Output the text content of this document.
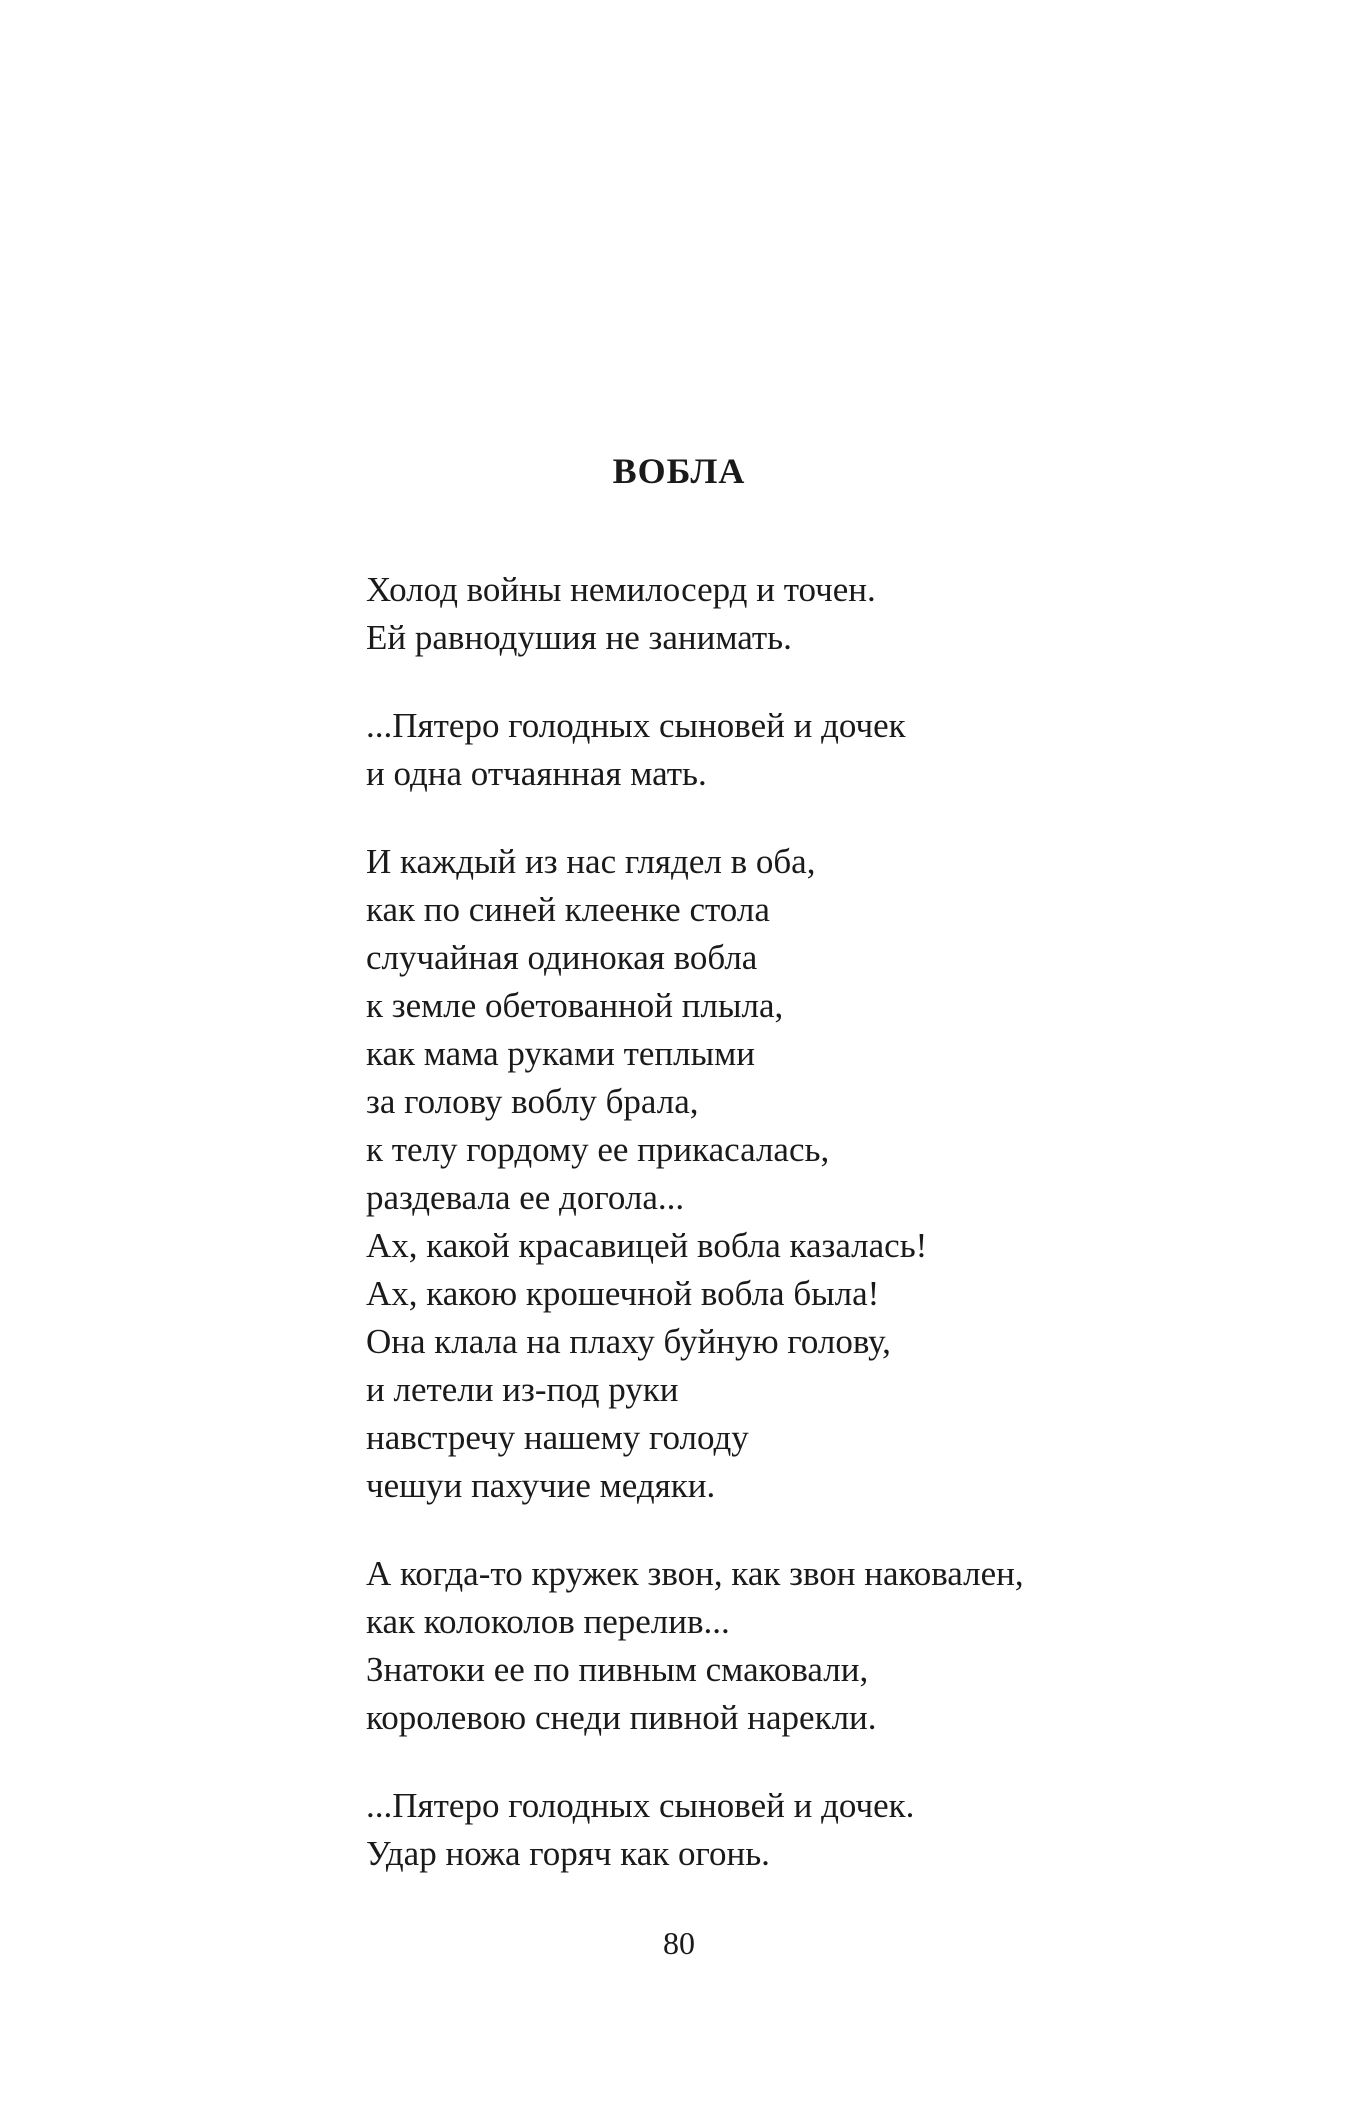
ВОБЛА
Холод войны немилосерд и точен.
Ей равнодушия не занимать.
...Пятеро голодных сыновей и дочек
и одна отчаянная мать.
И каждый из нас глядел в оба,
как по синей клеенке стола
случайная одинокая вобла
к земле обетованной плыла,
как мама руками теплыми
за голову воблу брала,
к телу гордому ее прикасалась,
раздевала ее догола...
Ах, какой красавицей вобла казалась!
Ах, какою крошечной вобла была!
Она клала на плаху буйную голову,
и летели из-под руки
навстречу нашему голоду
чешуи пахучие медяки.
А когда-то кружек звон, как звон наковален,
как колоколов перелив...
Знатоки ее по пивным смаковали,
королевою снеди пивной нарекли.
...Пятеро голодных сыновей и дочек.
Удар ножа горяч как огонь.
80
